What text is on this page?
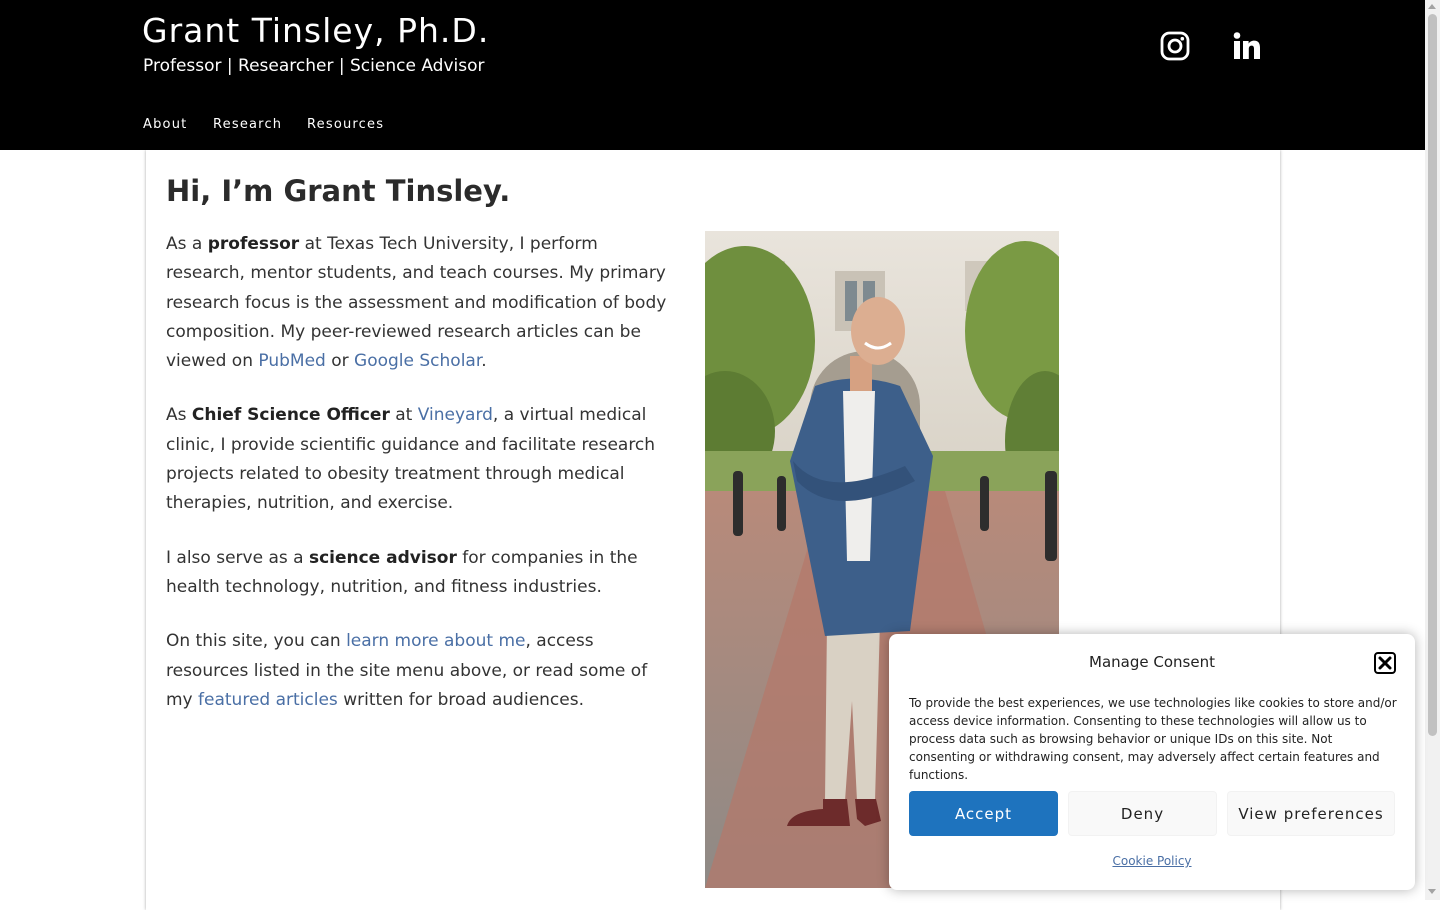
Grant Tinsley, Ph.D.
Professor | Researcher | Science Advisor
About Research Resources
Hi, I’m Grant Tinsley.

As a professor at Texas Tech University, I perform research, mentor students, and teach courses. My primary research focus is the assessment and modification of body composition. My peer-reviewed research articles can be viewed on PubMed or Google Scholar.

As Chief Science Officer at Vineyard, a virtual medical clinic, I provide scientific guidance and facilitate research projects related to obesity treatment through medical therapies, nutrition, and exercise.

I also serve as a science advisor for companies in the health technology, nutrition, and fitness industries.

On this site, you can learn more about me, access resources listed in the site menu above, or read some of my featured articles written for broad audiences.

Manage Consent

To provide the best experiences, we use technologies like cookies to store and/or access device information. Consenting to these technologies will allow us to process data such as browsing behavior or unique IDs on this site. Not consenting or withdrawing consent, may adversely affect certain features and functions.

Accept	Deny	View preferences
Cookie Policy
